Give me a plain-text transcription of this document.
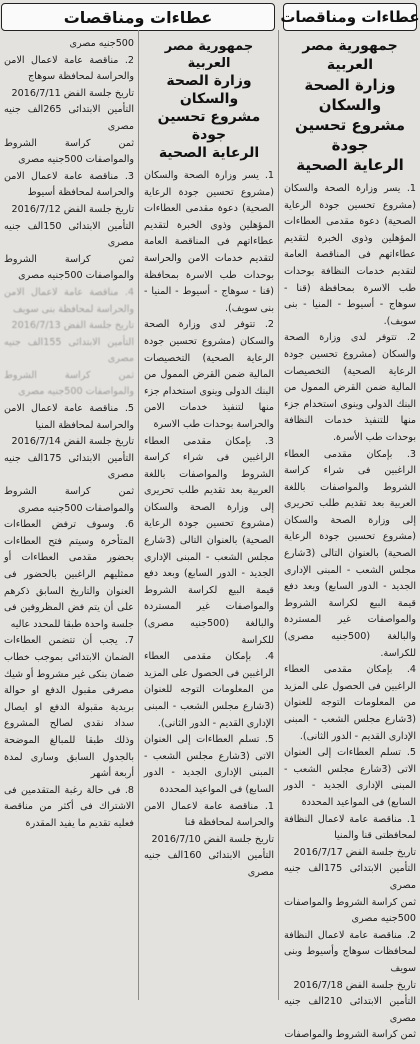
عطاءات ومناقصات
جمهورية مصر العربية
وزارة الصحة والسكان
مشروع تحسين جودة
الرعاية الصحية

1. يسر وزارة الصحة والسكان (مشروع تحسين جودة الرعاية الصحية) دعوة مقدمى العطاءات المؤهلين وذوى الخبرة لتقديم عطاءاتهم فى المناقصة العامة لتقديم خدمات النظافة بوحدات طب الاسرة بمحافظة (قنا - سوهاج - أسيوط - المنيا - بنى سويف).

2. تتوفر لدى وزارة الصحة والسكان (مشروع تحسين جودة الرعاية الصحية) التخصيصات المالية ضمن القرض الممول من البنك الدولى وينوى استخدام جزء منها للتنفيذ خدمات النظافة بوحدات طب الأسرة.

3. بإمكان مقدمى العطاء الراغبين فى شراء كراسة الشروط والمواصفات باللغة العربية بعد تقديم طلب تحريرى إلى وزارة الصحة والسكان (مشروع تحسين جودة الرعاية الصحية) بالعنوان التالى (3شارع مجلس الشعب - المبنى الإدارى الجديد - الدور السابع) وبعد دفع قيمة البيع لكراسة الشروط والمواصفات غير المستردة والبالغة (500جنيه مصرى) للكراسة.

4. بإمكان مقدمى العطاء الراغبين فى الحصول على المزيد من المعلومات التوجه للعنوان (3شارع مجلس الشعب - المبنى الإدارى القديم - الدور الثانى).

5. تسلم العطاءات إلى العنوان الاتى (3شارع مجلس الشعب - المبنى الإدارى الجديد - الدور السابع) فى المواعيد المحددة

1. مناقصة عامة لاعمال النظافة لمحافظتى قنا والمنيا

تاريخ جلسة الفض 2016/7/17

التأمين الابتدائى 175الف جنيه مصرى

ثمن كراسة الشروط والمواصفات 500جنيه مصرى

2. مناقصة عامة لاعمال النظافة لمحافظات سوهاج وأسيوط وبنى سويف

تاريخ جلسة الفض 2016/7/18

التأمين الابتدائى 210الف جنيه مصرى

ثمن كراسة الشروط والمواصفات

عطاءات ومناقصات
جمهورية مصر العربية
وزارة الصحة والسكان
مشروع تحسين جودة
الرعاية الصحية

1. يسر وزارة الصحة والسكان (مشروع تحسين جودة الرعاية الصحية) دعوة مقدمى العطاءات المؤهلين وذوى الخبرة لتقديم عطاءاتهم فى المناقصة العامة لتقديم خدمات الامن والحراسة بوحدات طب الاسرة بمحافظة (قنا - سوهاج - أسيوط - المنيا - بنى سويف).

2. تتوفر لدى وزارة الصحة والسكان (مشروع تحسين جودة الرعاية الصحية) التخصيصات المالية ضمن القرض الممول من البنك الدولى وينوى استخدام جزء منها لتنفيذ خدمات الامن والحراسة بوحدات طب الاسرة

3. بإمكان مقدمى العطاء الراغبين فى شراء كراسة الشروط والمواصفات باللغة العربية بعد تقديم طلب تحريرى إلى وزارة الصحة والسكان (مشروع تحسين جودة الرعاية الصحية) بالعنوان التالى (3شارع مجلس الشعب - المبنى الإدارى الجديد - الدور السابع) وبعد دفع قيمة البيع لكراسة الشروط والمواصفات غير المستردة والبالغة (500جنيه مصرى) للكراسة

4. بإمكان مقدمى العطاء الراغبين فى الحصول على المزيد من المعلومات التوجه للعنوان (3شارع مجلس الشعب - المبنى الإدارى القديم - الدور الثانى).

5. تسلم العطاءات إلى العنوان الاتى (3شارع مجلس الشعب - المبنى الإدارى الجديد - الدور السابع) فى المواعيد المحددة

1. مناقصة عامة لاعمال الامن والحراسة لمحافظة قنا

تاريخ جلسة الفض 2016/7/10

التأمين الابتدائى 160الف جنيه مصرى

500جنيه مصرى

2. مناقصة عامة لاعمال الامن والحراسة لمحافظة سوهاج

تاريخ جلسة الفض 2016/7/11

التأمين الابتدائى 265الف جنيه مصرى

ثمن كراسة الشروط والمواصفات 500جنيه مصرى

3. مناقصة عامة لاعمال الامن والحراسة لمحافظة أسيوط

تاريخ جلسة الفض 2016/7/12

التأمين الابتدائى 150الف جنيه مصرى

ثمن كراسة الشروط والمواصفات 500جنيه مصرى

4. مناقصة عامة لاعمال الامن والحراسة لمحافظة بنى سويف

تاريخ جلسة الفض 2016/7/13

التأمين الابتدائى 155الف جنيه مصرى

ثمن كراسة الشروط والمواصفات 500جنيه مصرى

5. مناقصة عامة لاعمال الامن والحراسة لمحافظة المنيا

تاريخ جلسة الفض 2016/7/14

التأمين الابتدائى 175الف جنيه مصرى

ثمن كراسة الشروط والمواصفات 500جنيه مصرى

6. وسوف ترفض العطاءات المتأخرة وسيتم فتح العطاءات بحضور مقدمى العطاءات أو ممثليهم الراغبين بالحضور فى العنوان والتاريخ السابق ذكرهم على أن يتم فض المظروفين فى جلسة واحدة طبقا للمحدد عاليه

7. يجب أن تتضمن العطاءات الضمان الابتدائى بموجب خطاب ضمان بنكى غير مشروط أو شيك مصرفى مقبول الدفع او حوالة بريدية مقبولة الدفع او ايصال سداد نقدى لصالح المشروع وذلك طبقا للمبالغ الموضحة بالجدول السابق وسارى لمدة أربعة أشهر

8. فى حالة رغبة المتقدمين فى الاشتراك فى أكثر من مناقصة فعليه تقديم ما يفيد المقدرة
